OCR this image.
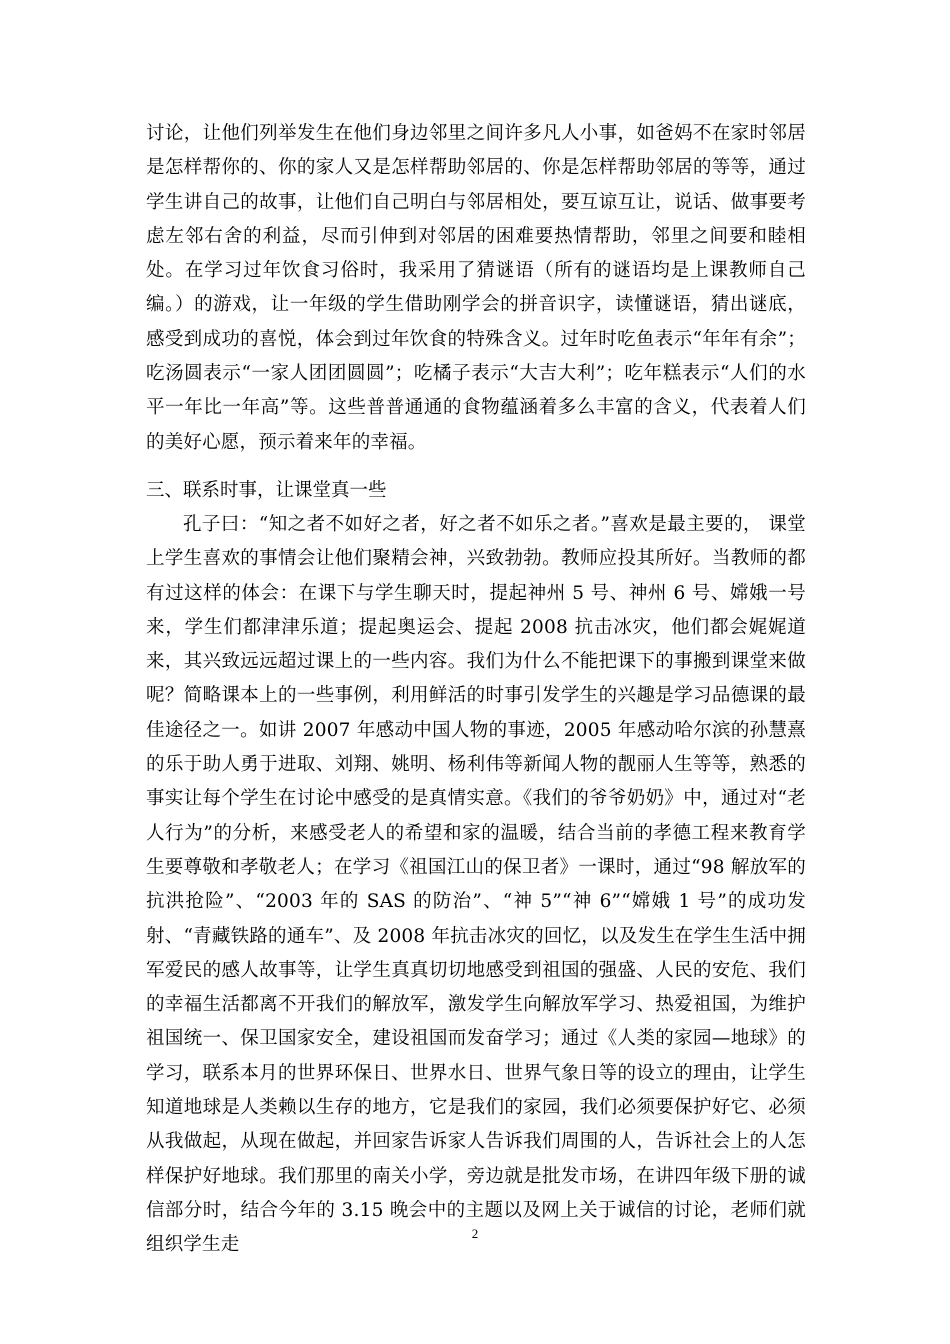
讨论，让他们列举发生在他们身边邻里之间许多凡人小事，如爸妈不在家时邻居是怎样帮你的、你的家人又是怎样帮助邻居的、你是怎样帮助邻居的等等，通过学生讲自己的故事，让他们自己明白与邻居相处，要互谅互让，说话、做事要考虑左邻右舍的利益，尽而引伸到对邻居的困难要热情帮助，邻里之间要和睦相处。在学习过年饮食习俗时，我采用了猜谜语（所有的谜语均是上课教师自己编。）的游戏，让一年级的学生借助刚学会的拼音识字，读懂谜语，猜出谜底，感受到成功的喜悦，体会到过年饮食的特殊含义。过年时吃鱼表示“年年有余”；吃汤圆表示“一家人团团圆圆”；吃橘子表示“大吉大利”；吃年糕表示“人们的水平一年比一年高”等。这些普普通通的食物蕴涵着多么丰富的含义，代表着人们的美好心愿，预示着来年的幸福。

三、联系时事，让课堂真一些

孔子曰：“知之者不如好之者，好之者不如乐之者。”喜欢是最主要的， 课堂上学生喜欢的事情会让他们聚精会神，兴致勃勃。教师应投其所好。当教师的都有过这样的体会：在课下与学生聊天时，提起神州 5 号、神州 6 号、嫦娥一号来，学生们都津津乐道；提起奥运会、提起 2008 抗击冰灾，他们都会娓娓道来，其兴致远远超过课上的一些内容。我们为什么不能把课下的事搬到课堂来做呢？简略课本上的一些事例，利用鲜活的时事引发学生的兴趣是学习品德课的最佳途径之一。如讲 2007 年感动中国人物的事迹，2005 年感动哈尔滨的孙慧熹的乐于助人勇于进取、刘翔、姚明、杨利伟等新闻人物的靓丽人生等等，熟悉的事实让每个学生在讨论中感受的是真情实意。《我们的爷爷奶奶》中，通过对“老人行为”的分析，来感受老人的希望和家的温暖，结合当前的孝德工程来教育学生要尊敬和孝敬老人；在学习《祖国江山的保卫者》一课时，通过“98 解放军的抗洪抢险”、“2003 年的 SAS 的防治”、“神 5”“神 6”“嫦娥 1 号”的成功发射、“青藏铁路的通车”、及 2008 年抗击冰灾的回忆，以及发生在学生生活中拥军爱民的感人故事等，让学生真真切切地感受到祖国的强盛、人民的安危、我们的幸福生活都离不开我们的解放军，激发学生向解放军学习、热爱祖国，为维护祖国统一、保卫国家安全，建设祖国而发奋学习；通过《人类的家园—地球》的学习，联系本月的世界环保日、世界水日、世界气象日等的设立的理由，让学生知道地球是人类赖以生存的地方，它是我们的家园，我们必须要保护好它、必须从我做起，从现在做起，并回家告诉家人告诉我们周围的人，告诉社会上的人怎样保护好地球。我们那里的南关小学，旁边就是批发市场，在讲四年级下册的诚信部分时，结合今年的 3.15 晚会中的主题以及网上关于诚信的讨论，老师们就组织学生走

2
